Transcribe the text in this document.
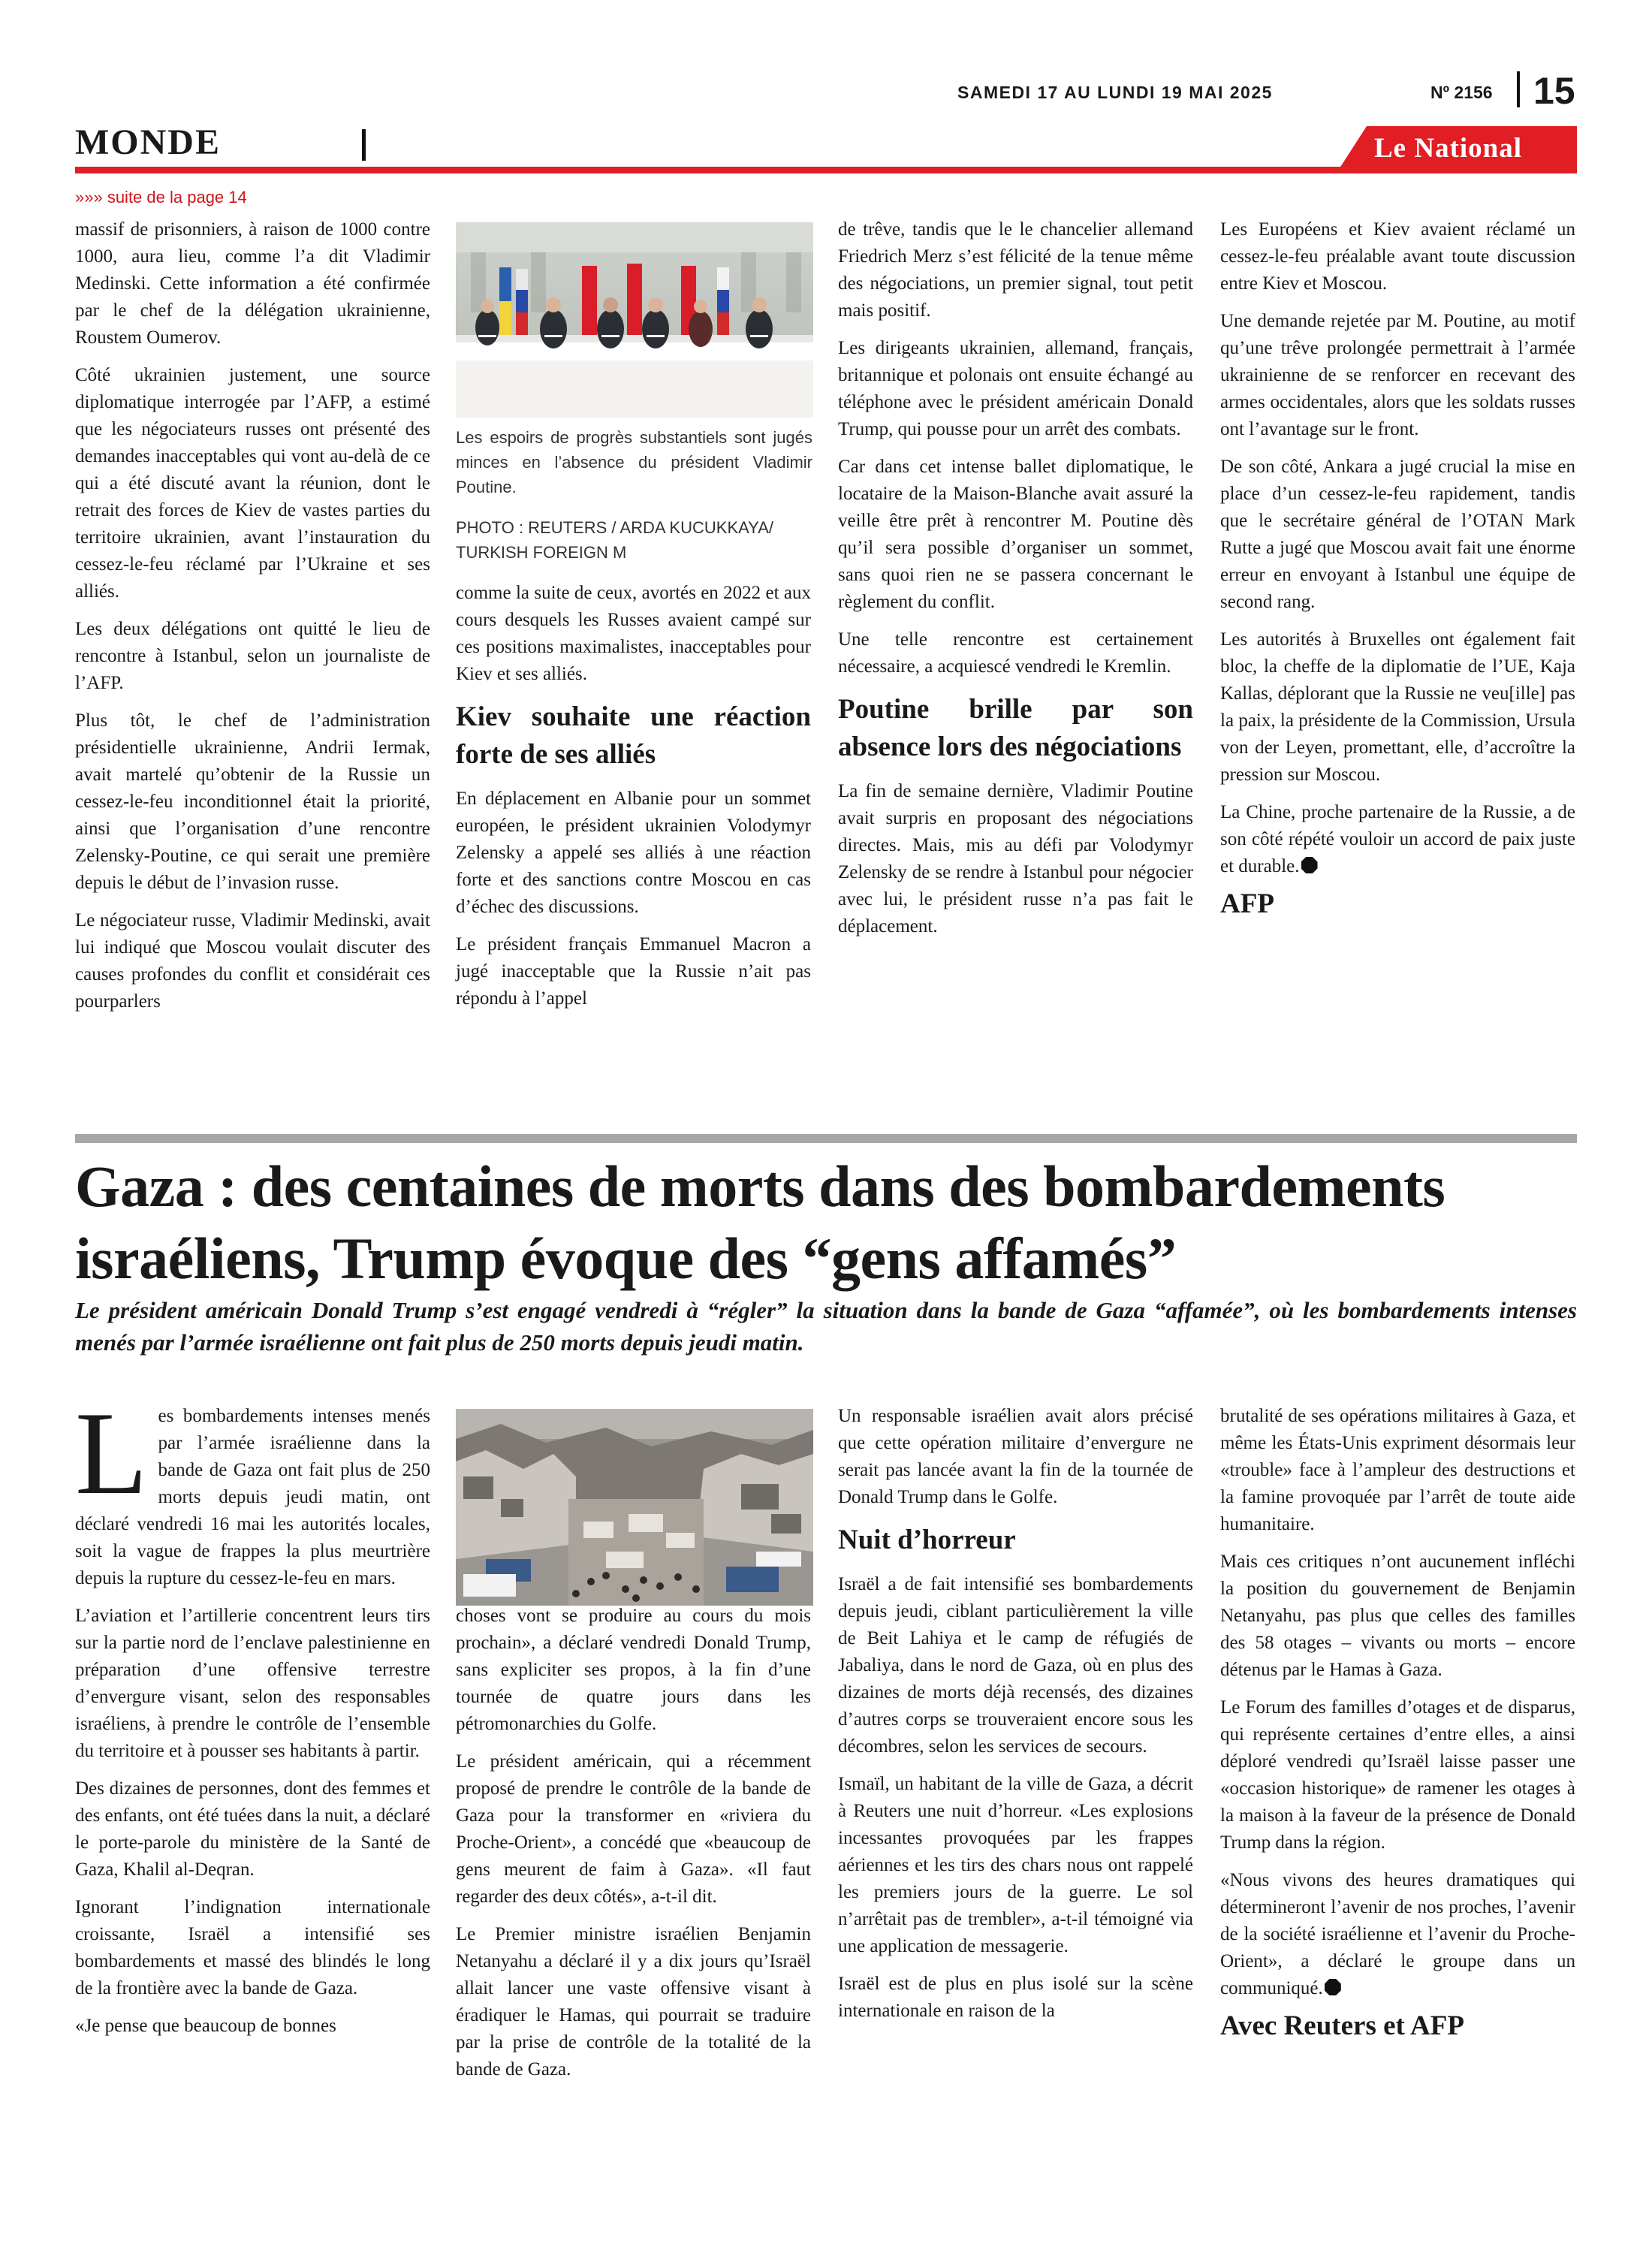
SAMEDI 17 AU LUNDI 19 MAI 2025	Nº 2156 15
MONDE	Le National
»»» suite de la page 14

massif de prisonniers, à raison de 1000 contre 1000, aura lieu, comme l’a dit Vladimir Medinski. Cette information a été confirmée par le chef de la délégation ukrainienne, Roustem Oumerov.

Côté ukrainien justement, une source diplomatique interrogée par l’AFP, a estimé que les négociateurs russes ont présenté des demandes inacceptables qui vont au-delà de ce qui a été discuté avant la réunion, dont le retrait des forces de Kiev de vastes parties du territoire ukrainien, avant l’instauration du cessez-le-feu réclamé par l’Ukraine et ses alliés.

Les deux délégations ont quitté le lieu de rencontre à Istanbul, selon un journaliste de l’AFP.

Plus tôt, le chef de l’administration présidentielle ukrainienne, Andrii Iermak, avait martelé qu’obtenir de la Russie un cessez-le-feu inconditionnel était la priorité, ainsi que l’organisation d’une rencontre Zelensky-Poutine, ce qui serait une première depuis le début de l’invasion russe.

Le négociateur russe, Vladimir Medinski, avait lui indiqué que Moscou voulait discuter des causes profondes du conflit et considérait ces pourparlers

Les espoirs de progrès substantiels sont jugés minces en l’absence du président Vladimir Poutine.
PHOTO : REUTERS / ARDA KUCUKKAYA/ TURKISH FOREIGN M

comme la suite de ceux, avortés en 2022 et aux cours desquels les Russes avaient campé sur ces positions maximalistes, inacceptables pour Kiev et ses alliés.

Kiev souhaite une réaction forte de ses alliés

En déplacement en Albanie pour un sommet européen, le président ukrainien Volodymyr Zelensky a appelé ses alliés à une réaction forte et des sanctions contre Moscou en cas d’échec des discussions.

Le président français Emmanuel Macron a jugé inacceptable que la Russie n’ait pas répondu à l’appel

de trêve, tandis que le le chancelier allemand Friedrich Merz s’est félicité de la tenue même des négociations, un premier signal, tout petit mais positif.

Les dirigeants ukrainien, allemand, français, britannique et polonais ont ensuite échangé au téléphone avec le président américain Donald Trump, qui pousse pour un arrêt des combats.

Car dans cet intense ballet diplomatique, le locataire de la Maison-Blanche avait assuré la veille être prêt à rencontrer M. Poutine dès qu’il sera possible d’organiser un sommet, sans quoi rien ne se passera concernant le règlement du conflit.

Une telle rencontre est certainement nécessaire, a acquiescé vendredi le Kremlin.

Poutine brille par son absence lors des négociations

La fin de semaine dernière, Vladimir Poutine avait surpris en proposant des négociations directes. Mais, mis au défi par Volodymyr Zelensky de se rendre à Istanbul pour négocier avec lui, le président russe n’a pas fait le déplacement.

Les Européens et Kiev avaient réclamé un cessez-le-feu préalable avant toute discussion entre Kiev et Moscou.

Une demande rejetée par M. Poutine, au motif qu’une trêve prolongée permettrait à l’armée ukrainienne de se renforcer en recevant des armes occidentales, alors que les soldats russes ont l’avantage sur le front.

De son côté, Ankara a jugé crucial la mise en place d’un cessez-le-feu rapidement, tandis que le secrétaire général de l’OTAN Mark Rutte a jugé que Moscou avait fait une énorme erreur en envoyant à Istanbul une équipe de second rang.

Les autorités à Bruxelles ont également fait bloc, la cheffe de la diplomatie de l’UE, Kaja Kallas, déplorant que la Russie ne veu[ille] pas la paix, la présidente de la Commission, Ursula von der Leyen, promettant, elle, d’accroître la pression sur Moscou.

La Chine, proche partenaire de la Russie, a de son côté répété vouloir un accord de paix juste et durable.

AFP
Gaza : des centaines de morts dans des bombardements israéliens, Trump évoque des “gens affamés”
Le président américain Donald Trump s’est engagé vendredi à “régler” la situation dans la bande de Gaza “affamée”, où les bombardements intenses menés par l’armée israélienne ont fait plus de 250 morts depuis jeudi matin.

Les bombardements intenses menés par l’armée israélienne dans la bande de Gaza ont fait plus de 250 morts depuis jeudi matin, ont déclaré vendredi 16 mai les autorités locales, soit la vague de frappes la plus meurtrière depuis la rupture du cessez-le-feu en mars.

L’aviation et l’artillerie concentrent leurs tirs sur la partie nord de l’enclave palestinienne en préparation d’une offensive terrestre d’envergure visant, selon des responsables israéliens, à prendre le contrôle de l’ensemble du territoire et à pousser ses habitants à partir.

Des dizaines de personnes, dont des femmes et des enfants, ont été tuées dans la nuit, a déclaré le porte-parole du ministère de la Santé de Gaza, Khalil al-Deqran.

Ignorant l’indignation internationale croissante, Israël a intensifié ses bombardements et massé des blindés le long de la frontière avec la bande de Gaza.

«Je pense que beaucoup de bonnes

choses vont se produire au cours du mois prochain», a déclaré vendredi Donald Trump, sans expliciter ses propos, à la fin d’une tournée de quatre jours dans les pétromonarchies du Golfe.

Le président américain, qui a récemment proposé de prendre le contrôle de la bande de Gaza pour la transformer en «riviera du Proche-Orient», a concédé que «beaucoup de gens meurent de faim à Gaza». «Il faut regarder des deux côtés», a-t-il dit.

Le Premier ministre israélien Benjamin Netanyahu a déclaré il y a dix jours qu’Israël allait lancer une vaste offensive visant à éradiquer le Hamas, qui pourrait se traduire par la prise de contrôle de la totalité de la bande de Gaza.

Un responsable israélien avait alors précisé que cette opération militaire d’envergure ne serait pas lancée avant la fin de la tournée de Donald Trump dans le Golfe.

Nuit d’horreur

Israël a de fait intensifié ses bombardements depuis jeudi, ciblant particulièrement la ville de Beit Lahiya et le camp de réfugiés de Jabaliya, dans le nord de Gaza, où en plus des dizaines de morts déjà recensés, des dizaines d’autres corps se trouveraient encore sous les décombres, selon les services de secours.

Ismaïl, un habitant de la ville de Gaza, a décrit à Reuters une nuit d’horreur. «Les explosions incessantes provoquées par les frappes aériennes et les tirs des chars nous ont rappelé les premiers jours de la guerre. Le sol n’arrêtait pas de trembler», a-t-il témoigné via une application de messagerie.

Israël est de plus en plus isolé sur la scène internationale en raison de la

brutalité de ses opérations militaires à Gaza, et même les États-Unis expriment désormais leur «trouble» face à l’ampleur des destructions et la famine provoquée par l’arrêt de toute aide humanitaire.

Mais ces critiques n’ont aucunement infléchi la position du gouvernement de Benjamin Netanyahu, pas plus que celles des familles des 58 otages – vivants ou morts – encore détenus par le Hamas à Gaza.

Le Forum des familles d’otages et de disparus, qui représente certaines d’entre elles, a ainsi déploré vendredi qu’Israël laisse passer une «occasion historique» de ramener les otages à la maison à la faveur de la présence de Donald Trump dans la région.

«Nous vivons des heures dramatiques qui détermineront l’avenir de nos proches, l’avenir de la société israélienne et l’avenir du Proche-Orient», a déclaré le groupe dans un communiqué.

Avec Reuters et AFP
